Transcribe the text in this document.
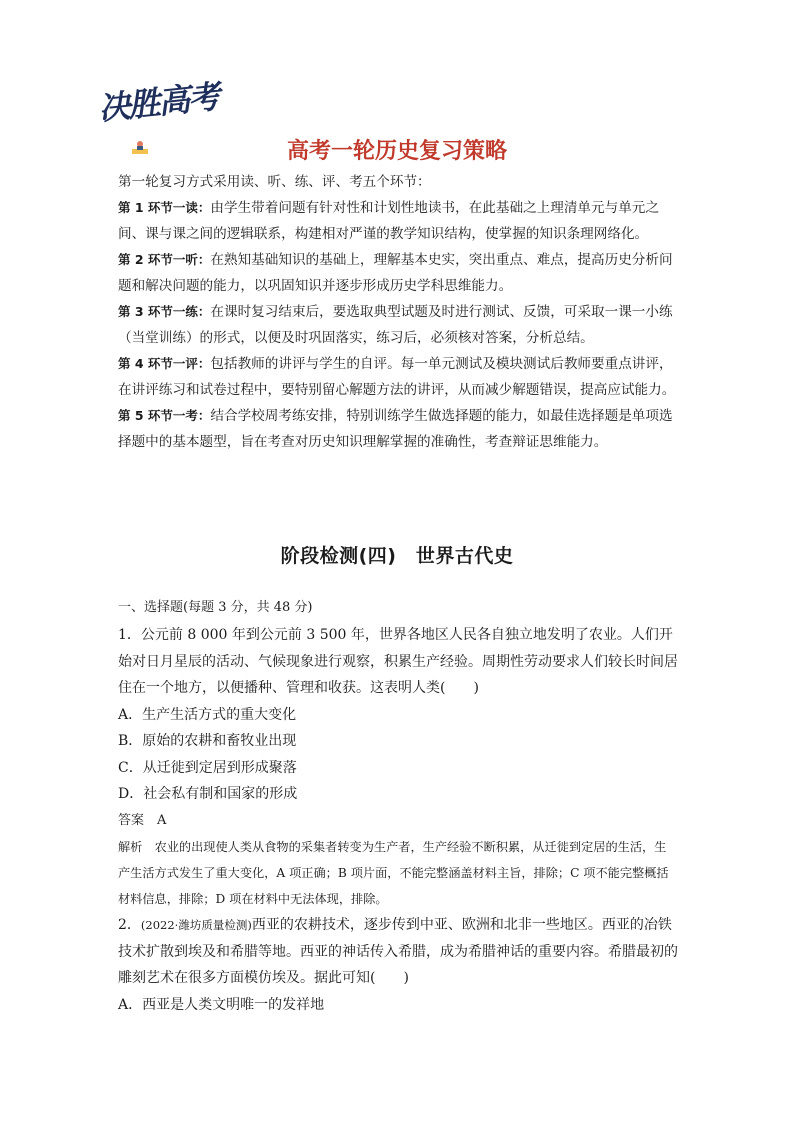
决胜高考
高考一轮历史复习策略

第一轮复习方式采用读、听、练、评、考五个环节：

第 1 环节一读：由学生带着问题有针对性和计划性地读书，在此基础之上理清单元与单元之间、课与课之间的逻辑联系，构建相对严谨的教学知识结构，使掌握的知识条理网络化。

第 2 环节一听：在熟知基础知识的基础上，理解基本史实，突出重点、难点，提高历史分析问题和解决问题的能力，以巩固知识并逐步形成历史学科思维能力。

第 3 环节一练：在课时复习结束后，要选取典型试题及时进行测试、反馈，可采取一课一小练（当堂训练）的形式，以便及时巩固落实，练习后，必须核对答案，分析总结。

第 4 环节一评：包括教师的讲评与学生的自评。每一单元测试及模块测试后教师要重点讲评，在讲评练习和试卷过程中，要特别留心解题方法的讲评，从而减少解题错误，提高应试能力。

第 5 环节一考：结合学校周考练安排，特别训练学生做选择题的能力，如最佳选择题是单项选择题中的基本题型，旨在考查对历史知识理解掌握的准确性，考查辩证思维能力。

阶段检测(四)　世界古代史

一、选择题(每题 3 分，共 48 分)

1．公元前 8 000 年到公元前 3 500 年，世界各地区人民各自独立地发明了农业。人们开始对日月星辰的活动、气候现象进行观察，积累生产经验。周期性劳动要求人们较长时间居住在一个地方，以便播种、管理和收获。这表明人类(　　)

A．生产生活方式的重大变化

B．原始的农耕和畜牧业出现

C．从迁徙到定居到形成聚落

D．社会私有制和国家的形成

答案　 A

解析　 农业的出现使人类从食物的采集者转变为生产者，生产经验不断积累，从迁徙到定居的生活，生产生活方式发生了重大变化，A 项正确；B 项片面，不能完整涵盖材料主旨，排除；C 项不能完整概括材料信息，排除；D 项在材料中无法体现，排除。

2．(2022·潍坊质量检测)西亚的农耕技术，逐步传到中亚、欧洲和北非一些地区。西亚的冶铁技术扩散到埃及和希腊等地。西亚的神话传入希腊，成为希腊神话的重要内容。希腊最初的雕刻艺术在很多方面模仿埃及。据此可知(　　)

A．西亚是人类文明唯一的发祥地
